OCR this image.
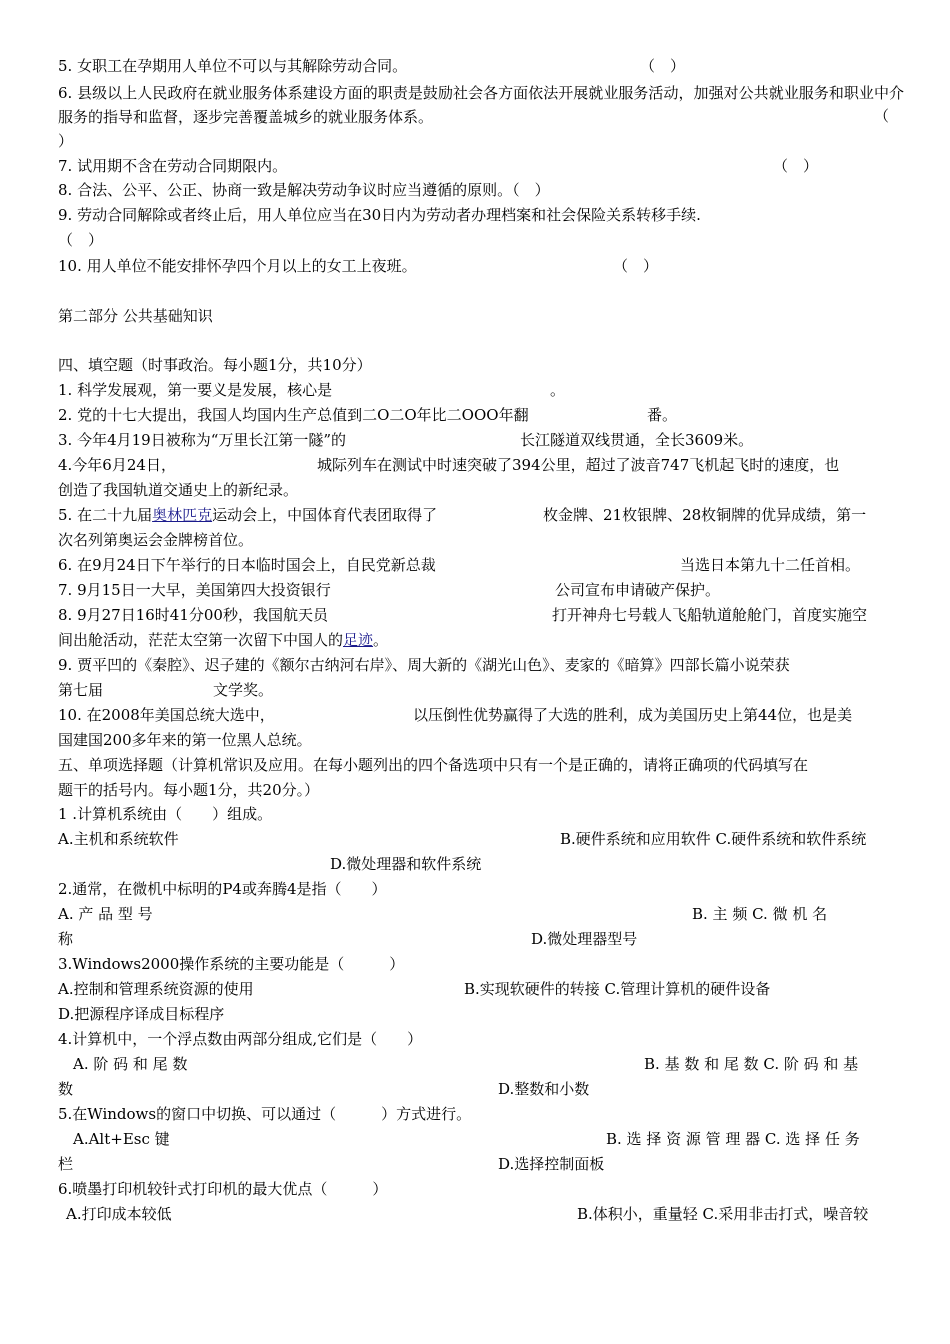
5. 女职工在孕期用人单位不可以与其解除劳动合同。	（　）
6. 县级以上人民政府在就业服务体系建设方面的职责是鼓励社会各方面依法开展就业服务活动，加强对公共就业服务和职业中介服务的指导和监督，逐步完善覆盖城乡的就业服务体系。	（
）
7. 试用期不含在劳动合同期限内。	（　）
8. 合法、公平、公正、协商一致是解决劳动争议时应当遵循的原则。（　）
9. 劳动合同解除或者终止后，用人单位应当在30日内为劳动者办理档案和社会保险关系转移手续.
（　）
10. 用人单位不能安排怀孕四个月以上的女工上夜班。	（　）
第二部分 公共基础知识
四、填空题（时事政治。每小题1分，共10分）
1. 科学发展观，第一要义是发展，核心是	。
2. 党的十七大提出，我国人均国内生产总值到二O二O年比二OOO年翻	番。
3. 今年4月19日被称为“万里长江第一隧”的	长江隧道双线贯通，全长3609米。
4.今年6月24日，	城际列车在测试中时速突破了394公里，超过了波音747飞机起飞时的速度，也
创造了我国轨道交通史上的新纪录。
5. 在二十九届奥林匹克运动会上，中国体育代表团取得了	枚金牌、21枚银牌、28枚铜牌的优异成绩，第一
次名列第奥运会金牌榜首位。
6. 在9月24日下午举行的日本临时国会上，自民党新总裁	当选日本第九十二任首相。
7. 9月15日一大早，美国第四大投资银行	公司宣布申请破产保护。
8. 9月27日16时41分00秒，我国航天员	打开神舟七号载人飞船轨道舱舱门，首度实施空
间出舱活动，茫茫太空第一次留下中国人的足迹。
9. 贾平凹的《秦腔》、迟子建的《额尔古纳河右岸》、周大新的《湖光山色》、麦家的《暗算》四部长篇小说荣获
第七届	文学奖。
10. 在2008年美国总统大选中，	以压倒性优势赢得了大选的胜利，成为美国历史上第44位，也是美
国建国200多年来的第一位黑人总统。
五、单项选择题（计算机常识及应用。在每小题列出的四个备选项中只有一个是正确的，请将正确项的代码填写在
题干的括号内。每小题1分，共20分。）
1 .计算机系统由（　　）组成。
A.主机和系统软件	B.硬件系统和应用软件 C.硬件系统和软件系统
D.微处理器和软件系统
2.通常，在微机中标明的P4或奔腾4是指（　　）
A. 产 品 型 号	B. 主 频 C. 微 机 名
称	D.微处理器型号
3.Windows2000操作系统的主要功能是（　　　）
A.控制和管理系统资源的使用	B.实现软硬件的转接 C.管理计算机的硬件设备
D.把源程序译成目标程序
4.计算机中，一个浮点数由两部分组成,它们是（　　）
A. 阶 码 和 尾 数	B. 基 数 和 尾 数 C. 阶 码 和 基
数	D.整数和小数
5.在Windows的窗口中切换、可以通过（　　　）方式进行。
A.Alt+Esc 键	B. 选 择 资 源 管 理 器 C. 选 择 任 务
栏	D.选择控制面板
6.喷墨打印机较针式打印机的最大优点（　　　）
A.打印成本较低	B.体积小，重量轻 C.采用非击打式，噪音较
